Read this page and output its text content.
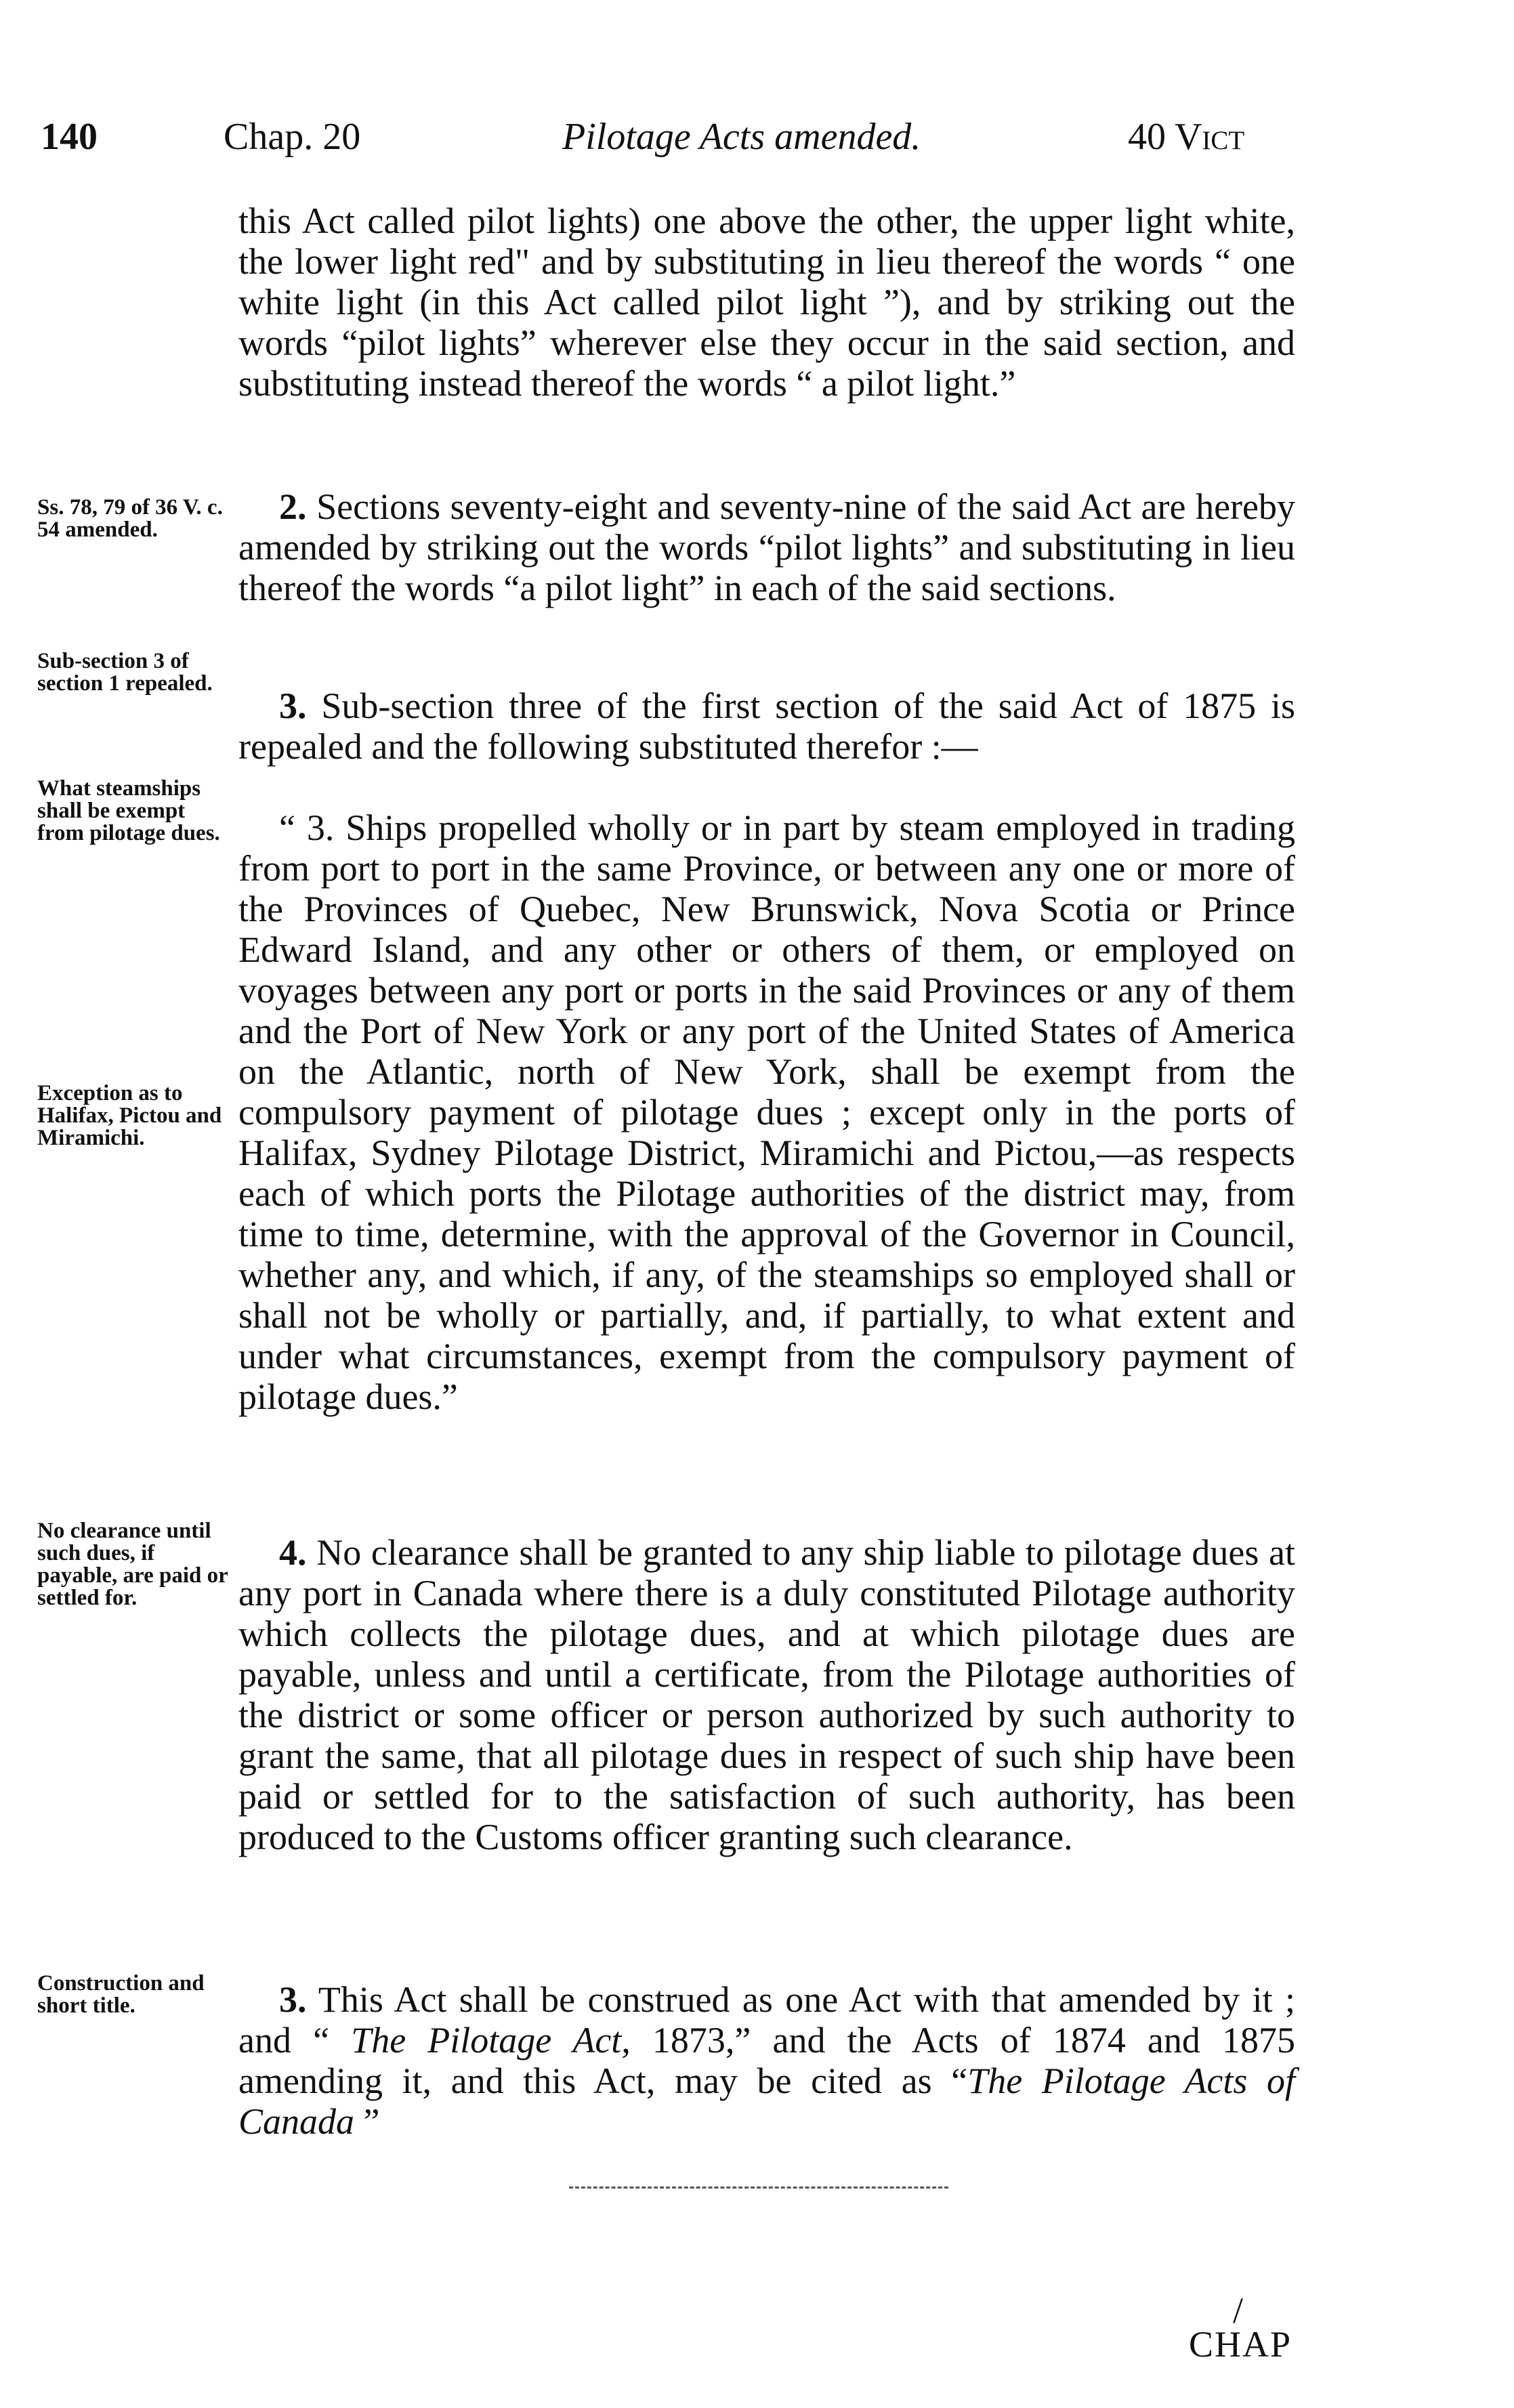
140	Chap. 20	Pilotage Acts amended.	40 Vict
this Act called pilot lights) one above the other, the upper light white, the lower light red" and by substituting in lieu thereof the words “ one white light (in this Act called pilot light ”), and by striking out the words “pilot lights” wherever else they occur in the said section, and substituting instead thereof the words “ a pilot light.”
Ss. 78, 79 of 36 V. c. 54 amended.
2. Sections seventy-eight and seventy-nine of the said Act are hereby amended by striking out the words “pilot lights” and substituting in lieu thereof the words “a pilot light” in each of the said sections.
Sub-section 3 of section 1 repealed.
3. Sub-section three of the first section of the said Act of 1875 is repealed and the following substituted therefor :—
What steamships shall be exempt from pilotage dues.	“ 3. Ships propelled wholly or in part by steam employed in trading from port to port in the same Province, or between any one or more of the Provinces of Quebec, New Brunswick, Nova Scotia or Prince Edward Island, and any other or others of them, or employed on voyages between any port or ports in the said Provinces or any of them and the Port of New York or any port of the United States of America on the Atlantic, north of New York, shall be exempt from the compulsory payment of pilotage dues ; except only in the ports of Halifax, Sydney Pilotage District, Miramichi and Pictou,—as respects each of which ports the Pilotage authorities of the district may, from time to time, determine, with the approval of the Governor in Council, whether any, and which, if any, of the steamships so employed shall or shall not be wholly or partially, and, if partially, to what extent and under what circumstances, exempt from the compulsory payment of pilotage dues.”
Exception as to Halifax, Pictou and Miramichi.
No clearance until such dues, if payable, are paid or settled for.
4. No clearance shall be granted to any ship liable to pilotage dues at any port in Canada where there is a duly constituted Pilotage authority which collects the pilotage dues, and at which pilotage dues are payable, unless and until a certificate, from the Pilotage authorities of the district or some officer or person authorized by such authority to grant the same, that all pilotage dues in respect of such ship have been paid or settled for to the satisfaction of such authority, has been produced to the Customs officer granting such clearance.
Construction and short title.	3. This Act shall be construed as one Act with that amended by it ; and “ The Pilotage Act, 1873,” and the Acts of 1874 and 1875 amending it, and this Act, may be cited as “The Pilotage Acts of Canada ”
/
CHAP
